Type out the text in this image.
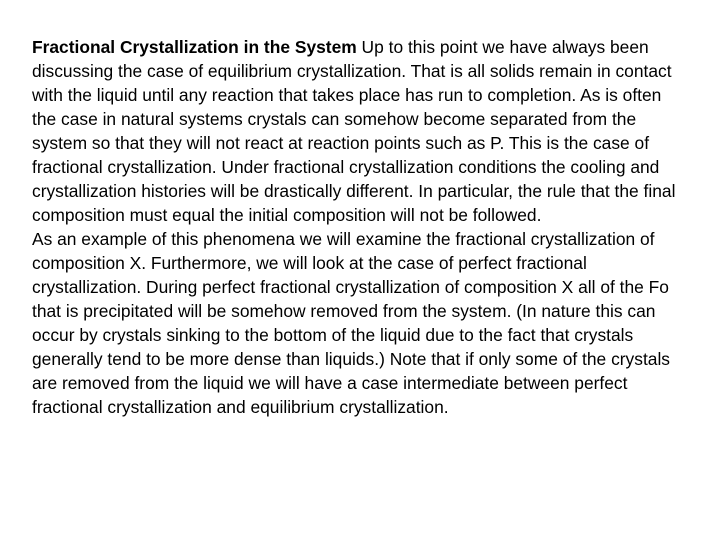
Fractional Crystallization in the System Up to this point we have always been discussing the case of equilibrium crystallization. That is all solids remain in contact with the liquid until any reaction that takes place has run to completion. As is often the case in natural systems crystals can somehow become separated from the system so that they will not react at reaction points such as P. This is the case of fractional crystallization. Under fractional crystallization conditions the cooling and crystallization histories will be drastically different. In particular, the rule that the final composition must equal the initial composition will not be followed.

As an example of this phenomena we will examine the fractional crystallization of composition X. Furthermore, we will look at the case of perfect fractional crystallization. During perfect fractional crystallization of composition X all of the Fo that is precipitated will be somehow removed from the system. (In nature this can occur by crystals sinking to the bottom of the liquid due to the fact that crystals generally tend to be more dense than liquids.) Note that if only some of the crystals are removed from the liquid we will have a case intermediate between perfect fractional crystallization and equilibrium crystallization.
